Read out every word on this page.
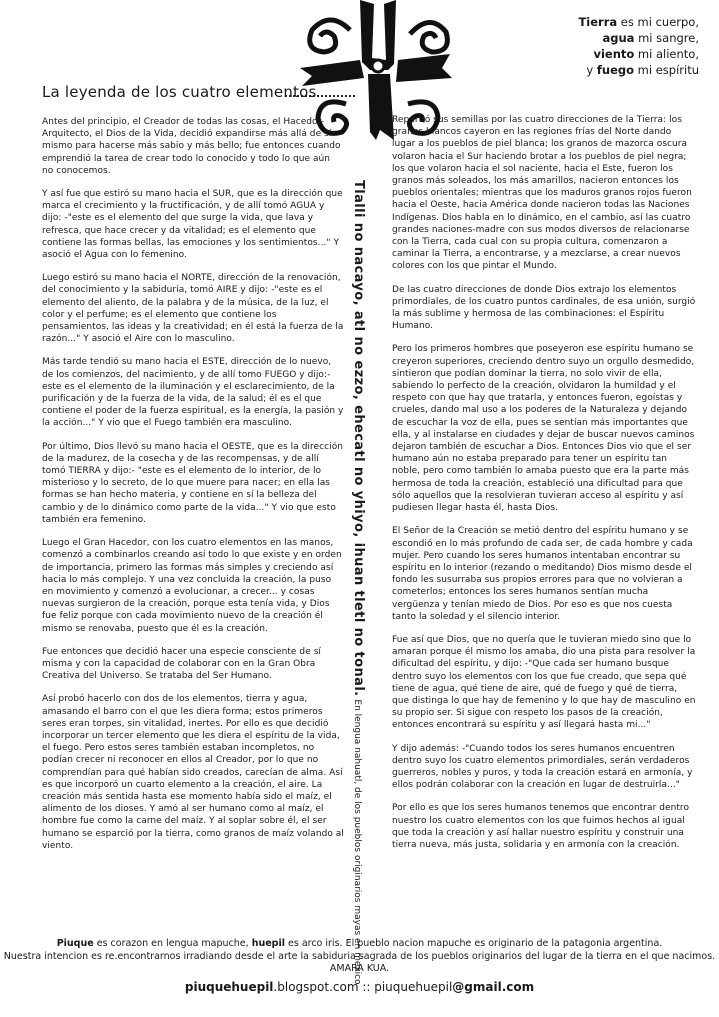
Tierra es mi cuerpo,
agua mi sangre,
viento mi aliento,
y fuego mi espíritu
La leyenda de los cuatro elementos

Antes del principio, el Creador de todas las cosas, el Hacedor-Arquitecto, el Dios de la Vida, decidió expandirse más allá de sí mismo para hacerse más sabio y más bello; fue entonces cuando emprendió la tarea de crear todo lo conocido y todo lo que aún no conocemos.

Y así fue que estiró su mano hacia el SUR, que es la dirección que marca el crecimiento y la fructificación, y de allí tomó AGUA y dijo: -"este es el elemento del que surge la vida, que lava y refresca, que hace crecer y da vitalidad; es el elemento que contiene las formas bellas, las emociones y los sentimientos..." Y asoció el Agua con lo femenino.

Luego estiró su mano hacia el NORTE, dirección de la renovación, del conocimiento y la sabiduría, tomó AIRE y dijo: -"este es el elemento del aliento, de la palabra y de la música, de la luz, el color y el perfume; es el elemento que contiene los pensamientos, las ideas y la creatividad; en él está la fuerza de la razón..." Y asoció el Aire con lo masculino.

Más tarde tendió su mano hacia el ESTE, dirección de lo nuevo, de los comienzos, del nacimiento, y de allí tomo FUEGO y dijo:- este es el elemento de la iluminación y el esclarecimiento, de la purificación y de la fuerza de la vida, de la salud; él es el que contiene el poder de la fuerza espiritual, es la energía, la pasión y la acción..." Y vio que el Fuego también era masculino.

Por último, Dios llevó su mano hacia el OESTE, que es la dirección de la madurez, de la cosecha y de las recompensas, y de allí tomó TIERRA y dijo:- "este es el elemento de lo interior, de lo misterioso y lo secreto, de lo que muere para nacer; en ella las formas se han hecho materia, y contiene en sí la belleza del cambio y de lo dinámico como parte de la vida..." Y vio que esto también era femenino.

Luego el Gran Hacedor, con los cuatro elementos en las manos, comenzó a combinarlos creando así todo lo que existe y en orden de importancia, primero las formas más simples y creciendo así hacia lo más complejo. Y una vez concluida la creación, la puso en movimiento y comenzó a evolucionar, a crecer... y cosas nuevas surgieron de la creación, porque esta tenía vida, y Dios fue feliz porque con cada movimiento nuevo de la creación él mismo se renovaba, puesto que él es la creación.

Fue entonces que decidió hacer una especie consciente de sí misma y con la capacidad de colaborar con en la Gran Obra Creativa del Universo. Se trataba del Ser Humano.

Así probó hacerlo con dos de los elementos, tierra y agua, amasando el barro con el que les diera forma; estos primeros seres eran torpes, sin vitalidad, inertes. Por ello es que decidió incorporar un tercer elemento que les diera el espíritu de la vida, el fuego. Pero estos seres también estaban incompletos, no podían crecer ni reconocer en ellos al Creador, por lo que no comprendían para qué habían sido creados, carecían de alma. Así es que incorporó un cuarto elemento a la creación, el aire. La creación más sentida hasta ese momento había sido el maíz, el alimento de los dioses. Y amó al ser humano como al maíz, el hombre fue como la carne del maíz. Y al soplar sobre él, el ser humano se esparció por la tierra, como granos de maíz volando al viento.

Tlalli no nacayo, atl no ezzo, ehecatl no yhiyo, ihuan tletl no tonal. En lengua nahuatl, de los pueblos originarios mayas en mexico

Repartió sus semillas por las cuatro direcciones de la Tierra: los granos blancos cayeron en las regiones frías del Norte dando lugar a los pueblos de piel blanca; los granos de mazorca oscura volaron hacia el Sur haciendo brotar a los pueblos de piel negra; los que volaron hacia el sol naciente, hacia el Este, fueron los granos más soleados, los más amarillos, nacieron entonces los pueblos orientales; mientras que los maduros granos rojos fueron hacia el Oeste, hacia América donde nacieron todas las Naciones Indígenas. Dios habla en lo dinámico, en el cambio, así las cuatro grandes naciones-madre con sus modos diversos de relacionarse con la Tierra, cada cual con su propia cultura, comenzaron a caminar la Tierra, a encontrarse, y a mezclarse, a crear nuevos colores con los que pintar el Mundo.

De las cuatro direcciones de donde Dios extrajo los elementos primordiales, de los cuatro puntos cardinales, de esa unión, surgió la más sublime y hermosa de las combinaciones: el Espíritu Humano.

Pero los primeros hombres que poseyeron ese espíritu humano se creyeron superiores, creciendo dentro suyo un orgullo desmedido, sintieron que podían dominar la tierra, no solo vivir de ella, sabiendo lo perfecto de la creación, olvidaron la humildad y el respeto con que hay que tratarla, y entonces fueron, egoístas y crueles, dando mal uso a los poderes de la Naturaleza y dejando de escuchar la voz de ella, pues se sentían más importantes que ella, y al instalarse en ciudades y dejar de buscar nuevos caminos dejaron también de escuchar a Dios. Entonces Dios vio que el ser humano aún no estaba preparado para tener un espíritu tan noble, pero como también lo amaba puesto que era la parte más hermosa de toda la creación, estableció una dificultad para que sólo aquellos que la resolvieran tuvieran acceso al espíritu y así pudiesen llegar hasta él, hasta Dios.

El Señor de la Creación se metió dentro del espíritu humano y se escondió en lo más profundo de cada ser, de cada hombre y cada mujer. Pero cuando los seres humanos intentaban encontrar su espíritu en lo interior (rezando o meditando) Dios mismo desde el fondo les susurraba sus propios errores para que no volvieran a cometerlos; entonces los seres humanos sentían mucha vergüenza y tenían miedo de Dios. Por eso es que nos cuesta tanto la soledad y el silencio interior.

Fue así que Dios, que no quería que le tuvieran miedo sino que lo amaran porque él mismo los amaba, dio una pista para resolver la dificultad del espíritu, y dijo: -"Que cada ser humano busque dentro suyo los elementos con los que fue creado, que sepa qué tiene de agua, qué tiene de aire, qué de fuego y qué de tierra, que distinga lo que hay de femenino y lo que hay de masculino en su propio ser. Si sigue con respeto los pasos de la creación, entonces encontrará su espíritu y así llegará hasta mi..."

Y dijo además: -"Cuando todos los seres humanos encuentren dentro suyo los cuatro elementos primordiales, serán verdaderos guerreros, nobles y puros, y toda la creación estará en armonía, y ellos podrán colaborar con la creación en lugar de destruirla..."

Por ello es que los seres humanos tenemos que encontrar dentro nuestro los cuatro elementos con los que fuimos hechos al igual que toda la creación y así hallar nuestro espíritu y construir una tierra nueva, más justa, solidaria y en armonía con la creación.

Piuque es corazon en lengua mapuche, huepil es arco iris. El pueblo nacion mapuche es originario de la patagonia argentina.

Nuestra intencion es re.encontrarnos irradiando desde el arte la sabiduria sagrada de los pueblos originarios del lugar de la tierra en el que nacimos.

AMARA KUA.

piuquehuepil.blogspot.com :: piuquehuepil@gmail.com
